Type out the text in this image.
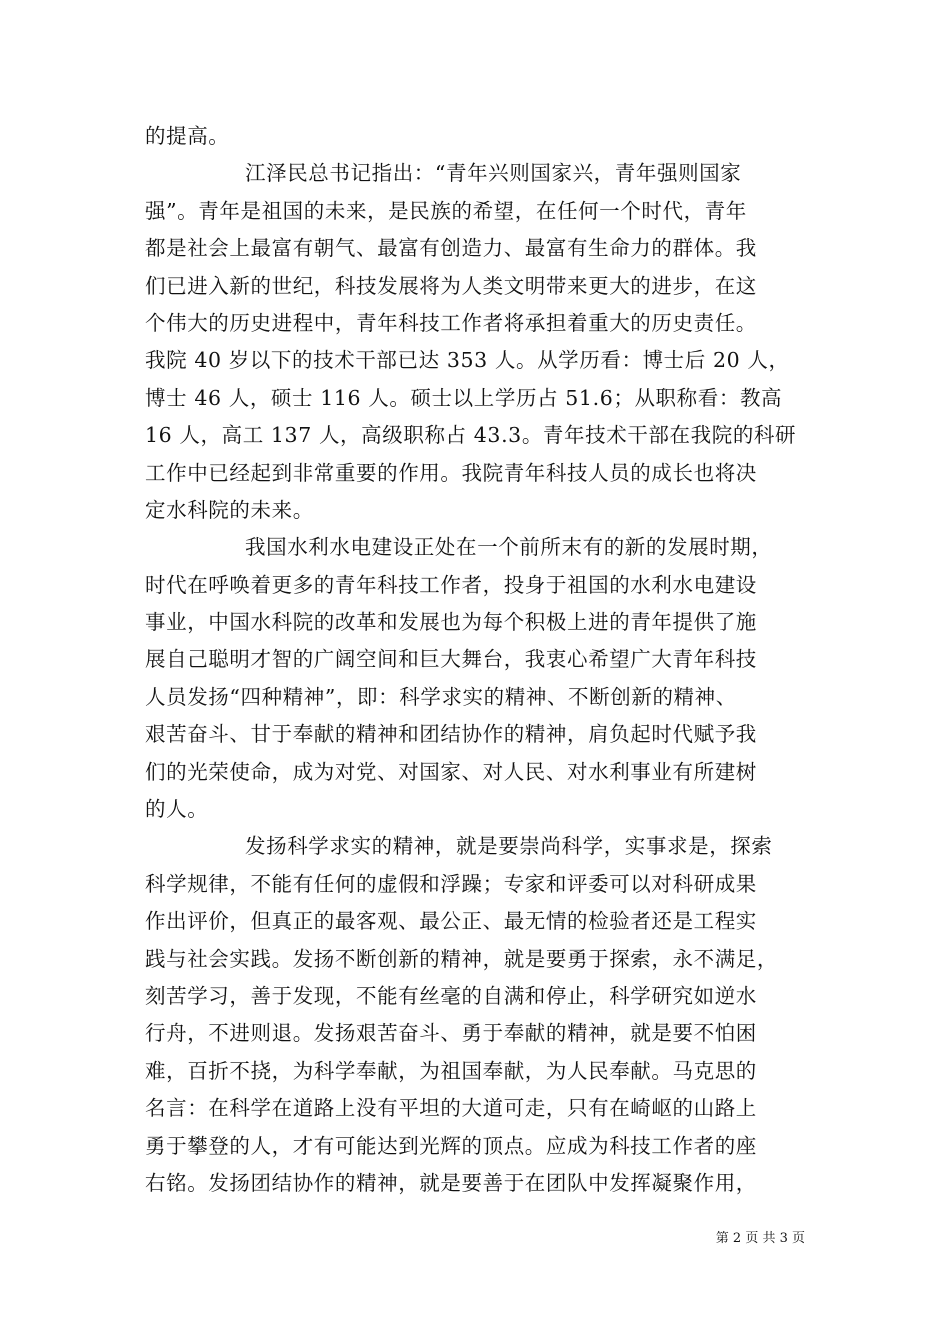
的提高。
江泽民总书记指出：“青年兴则国家兴，青年强则国家
强”。青年是祖国的未来，是民族的希望，在任何一个时代，青年
都是社会上最富有朝气、最富有创造力、最富有生命力的群体。我
们已进入新的世纪，科技发展将为人类文明带来更大的进步，在这
个伟大的历史进程中，青年科技工作者将承担着重大的历史责任。
我院 40 岁以下的技术干部已达 353 人。从学历看：博士后 20 人，
博士 46 人，硕士 116 人。硕士以上学历占 51.6；从职称看：教高
16 人，高工 137 人，高级职称占 43.3。青年技术干部在我院的科研
工作中已经起到非常重要的作用。我院青年科技人员的成长也将决
定水科院的未来。
我国水利水电建设正处在一个前所末有的新的发展时期，
时代在呼唤着更多的青年科技工作者，投身于祖国的水利水电建设
事业，中国水科院的改革和发展也为每个积极上进的青年提供了施
展自己聪明才智的广阔空间和巨大舞台，我衷心希望广大青年科技
人员发扬“四种精神”，即：科学求实的精神、不断创新的精神、
艰苦奋斗、甘于奉献的精神和团结协作的精神，肩负起时代赋予我
们的光荣使命，成为对党、对国家、对人民、对水利事业有所建树
的人。
发扬科学求实的精神，就是要崇尚科学，实事求是，探索
科学规律，不能有任何的虚假和浮躁；专家和评委可以对科研成果
作出评价，但真正的最客观、最公正、最无情的检验者还是工程实
践与社会实践。发扬不断创新的精神，就是要勇于探索，永不满足，
刻苦学习，善于发现，不能有丝毫的自满和停止，科学研究如逆水
行舟，不进则退。发扬艰苦奋斗、勇于奉献的精神，就是要不怕困
难，百折不挠，为科学奉献，为祖国奉献，为人民奉献。马克思的
名言：在科学在道路上没有平坦的大道可走，只有在崎岖的山路上
勇于攀登的人，才有可能达到光辉的顶点。应成为科技工作者的座
右铭。发扬团结协作的精神，就是要善于在团队中发挥凝聚作用，
第 2 页 共 3 页
